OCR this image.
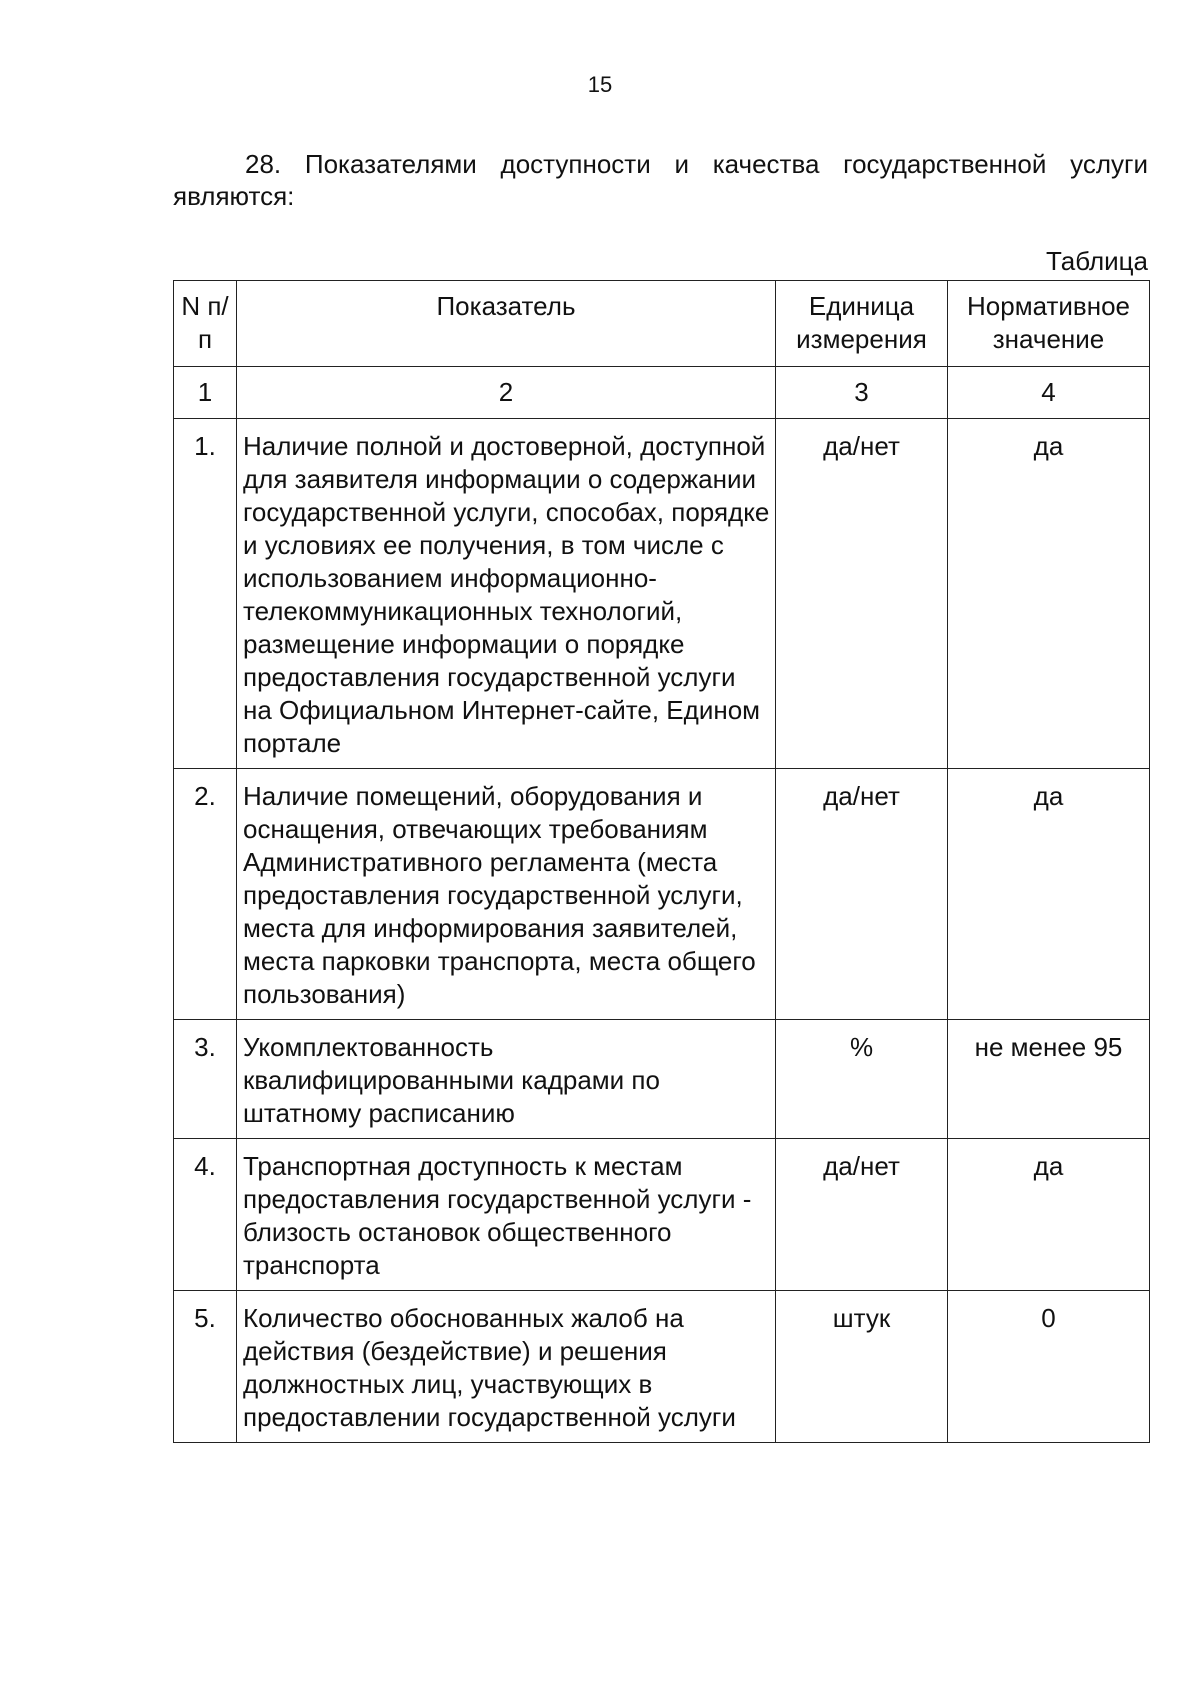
15

28. Показателями доступности и качества государственной услуги являются:

Таблица
N п/п	Показатель	Единица измерения	Нормативное значение
1	2	3	4
1.	Наличие полной и достоверной, доступной для заявителя информации о содержании государственной услуги, способах, порядке и условиях ее получения, в том числе с использованием информационно-телекоммуникационных технологий, размещение информации о порядке предоставления государственной услуги на Официальном Интернет-сайте, Едином портале	да/нет	да
2.	Наличие помещений, оборудования и оснащения, отвечающих требованиям Административного регламента (места предоставления государственной услуги, места для информирования заявителей, места парковки транспорта, места общего пользования)	да/нет	да
3.	Укомплектованность квалифицированными кадрами по штатному расписанию	%	не менее 95
4.	Транспортная доступность к местам предоставления государственной услуги - близость остановок общественного транспорта	да/нет	да
5.	Количество обоснованных жалоб на действия (бездействие) и решения должностных лиц, участвующих в предоставлении государственной услуги	штук	0
